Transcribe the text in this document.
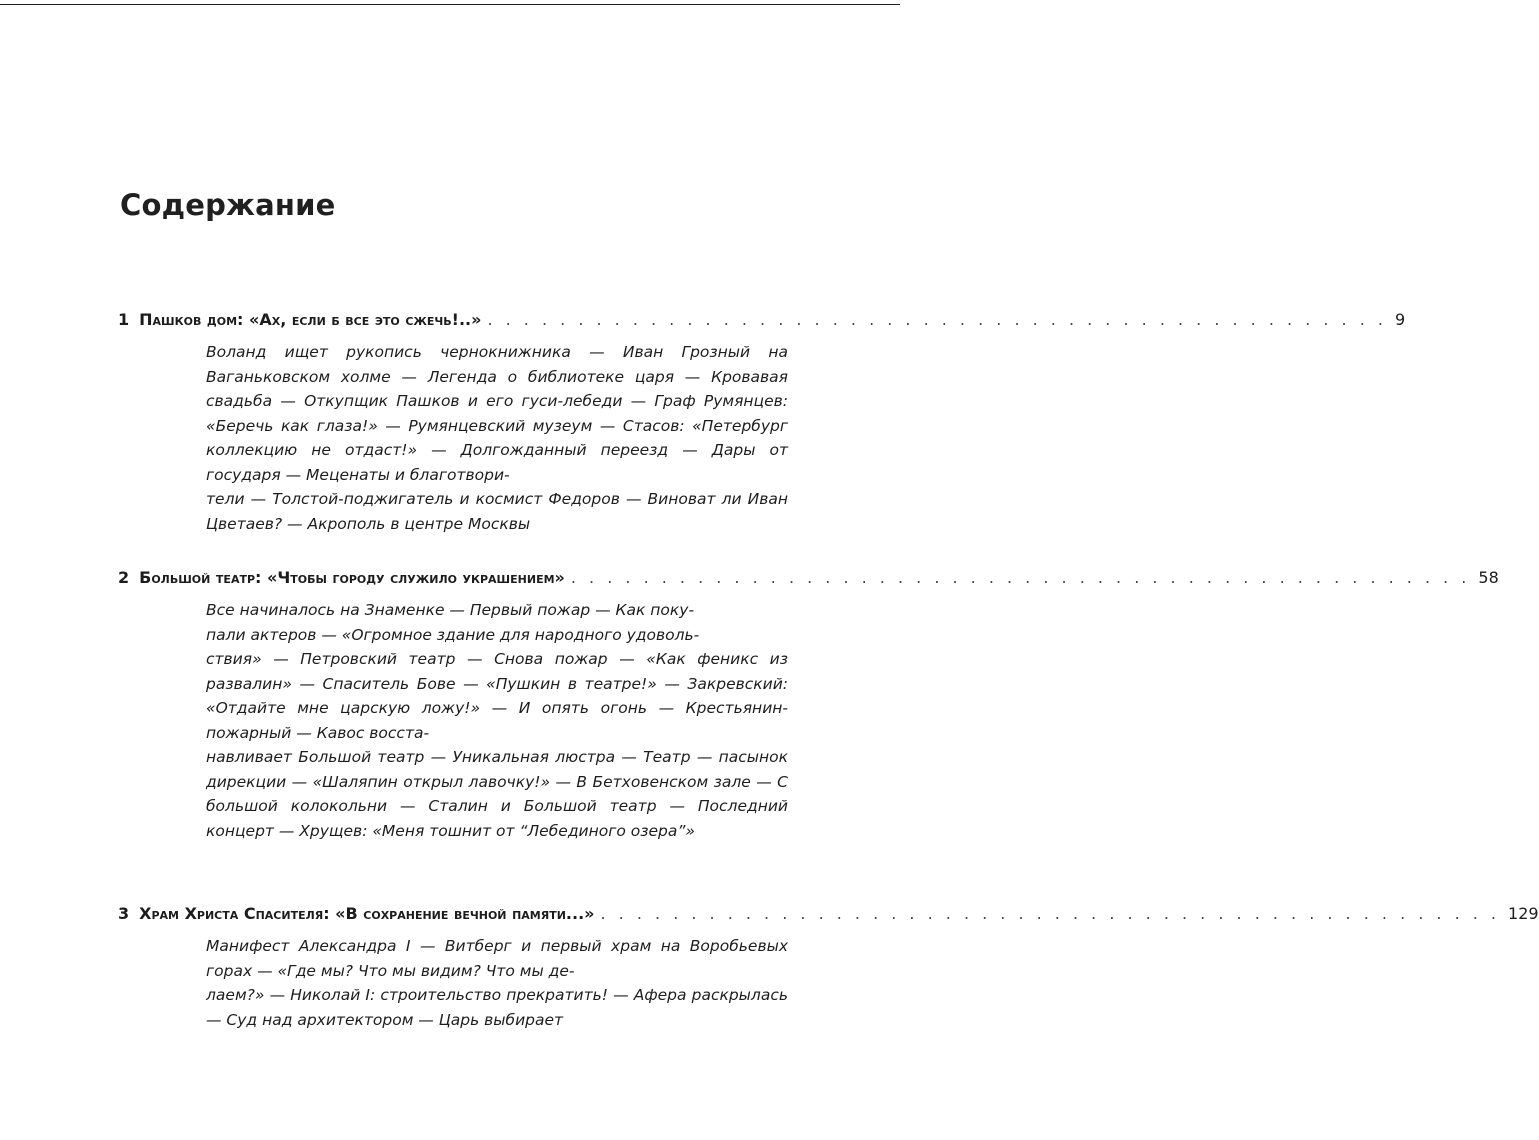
Содержание
1 Пашков дом: «Ах, если б все это сжечь!..» . . . . . . . . . . . . . . . . . . . . . . . . . . . . . . . . . . . . . . . . . . . . . . . . . . 9

Воланд ищет рукопись чернокнижника — Иван Грозный на Ваганьковском холме — Легенда о библиотеке царя — Кровавая свадьба — Откупщик Пашков и его гуси-лебеди — Граф Румянцев: «Беречь как глаза!» — Румянцевский музеум — Стасов: «Петербург коллекцию не отдаст!» — Долгожданный переезд — Дары от государя — Меценаты и благотвори-
тели — Толстой-поджигатель и космист Федоров — Виноват ли Иван Цветаев? — Акрополь в центре Москвы

2 Большой театр: «Чтобы городу служило украшением» . . . . . . . . . . . . . . . . . . . . . . . . . . . . . . . . . . . . . . . . . . . . . . . . . . 58

Все начиналось на Знаменке — Первый пожар — Как поку-
пали актеров — «Огромное здание для народного удоволь-
ствия» — Петровский театр — Снова пожар — «Как феникс из развалин» — Спаситель Бове — «Пушкин в театре!» — Закревский: «Отдайте мне царскую ложу!» — И опять огонь — Крестьянин-пожарный — Кавос восста-
навливает Большой театр — Уникальная люстра — Театр — пасынок дирекции — «Шаляпин открыл лавочку!» — В Бетховенском зале — С большой колокольни — Сталин и Большой театр — Последний концерт — Хрущев: «Меня тошнит от “Лебединого озера”»

3 Храм Христа Спасителя: «В сохранение вечной памяти...» . . . . . . . . . . . . . . . . . . . . . . . . . . . . . . . . . . . . . . . . . . . . . . . . . . 129

Манифест Александра I — Витберг и первый храм на Воробьевых горах — «Где мы? Что мы видим? Что мы де-
лаем?» — Николай I: строительство прекратить! — Афера раскрылась — Суд над архитектором — Царь выбирает
